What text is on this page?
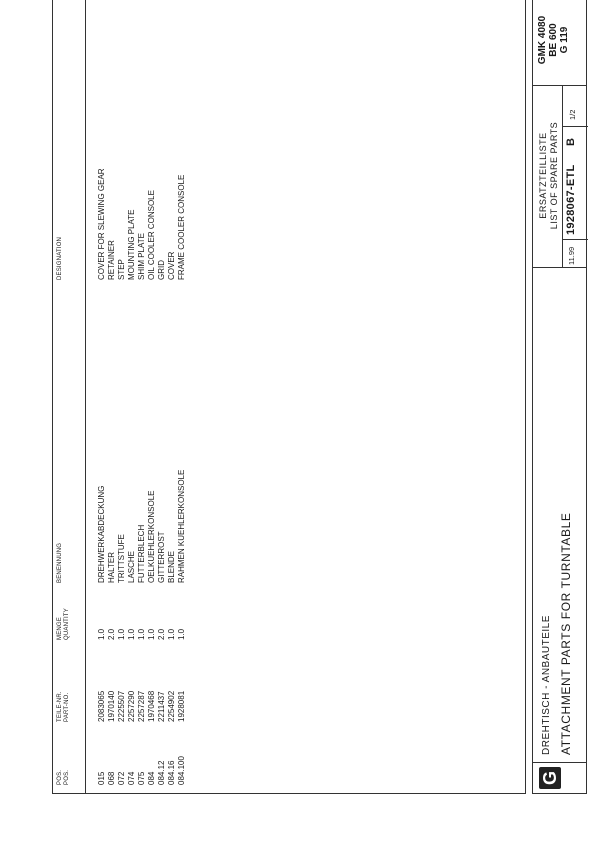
POS. POS.
TEILE-NR. PART-NO.
MENGE QUANTITY
BENENNUNG
DESIGNATION
015
2083065
1.0
DREHWERKABDECKUNG
COVER FOR SLEWING GEAR
068
1970140
2.0
HALTER
RETAINER
072
2225507
1.0
TRITTSTUFE
STEP
074
2257290
1.0
LASCHE
MOUNTING PLATE
075
2257287
1.0
FUTTERBLECH
SHIM PLATE
084
1970468
1.0
OELKUEHLERKONSOLE
OIL COOLER CONSOLE
084.12
2211437
2.0
GITTERROST
GRID
084.16
2254902
1.0
BLENDE
COVER
084.100
1928081
1.0
RAHMEN KUEHLERKONSOLE
FRAME COOLER CONSOLE
G
DREHTISCH - ANBAUTEILE ATTACHMENT PARTS FOR TURNTABLE
ERSATZTEILLISTE LIST OF SPARE PARTS
11.99
1928067-ETL
B
1/2
GMK 4080 BE 600 G 119
